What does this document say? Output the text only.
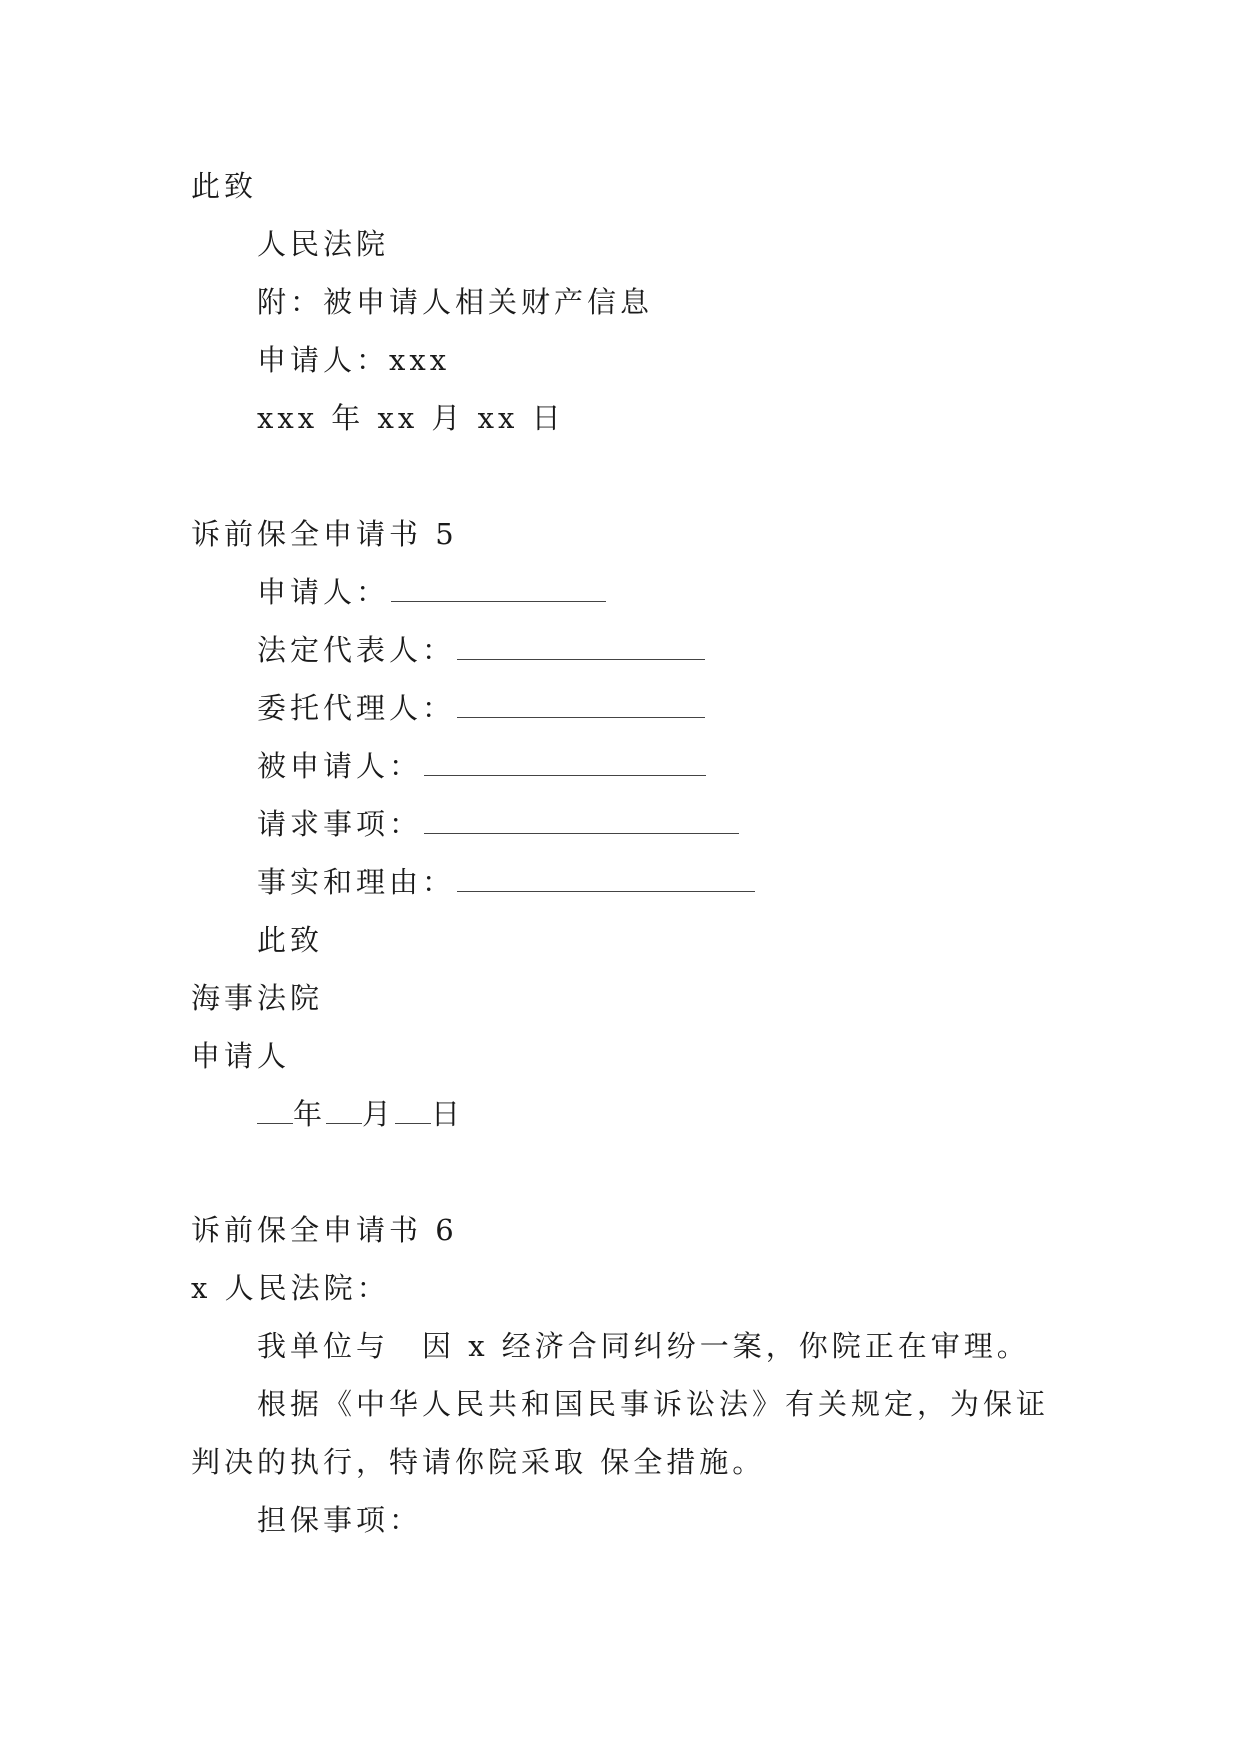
此致
人民法院
附：被申请人相关财产信息
申请人：xxx
xxx 年 xx 月 xx 日
诉前保全申请书 5
申请人：
法定代表人：
委托代理人：
被申请人：
请求事项：
事实和理由：
此致
海事法院
申请人
年 月 日
诉前保全申请书 6
x 人民法院：
我单位与　因 x 经济合同纠纷一案，你院正在审理。
根据《中华人民共和国民事诉讼法》有关规定，为保证
判决的执行，特请你院采取 保全措施。
担保事项：
